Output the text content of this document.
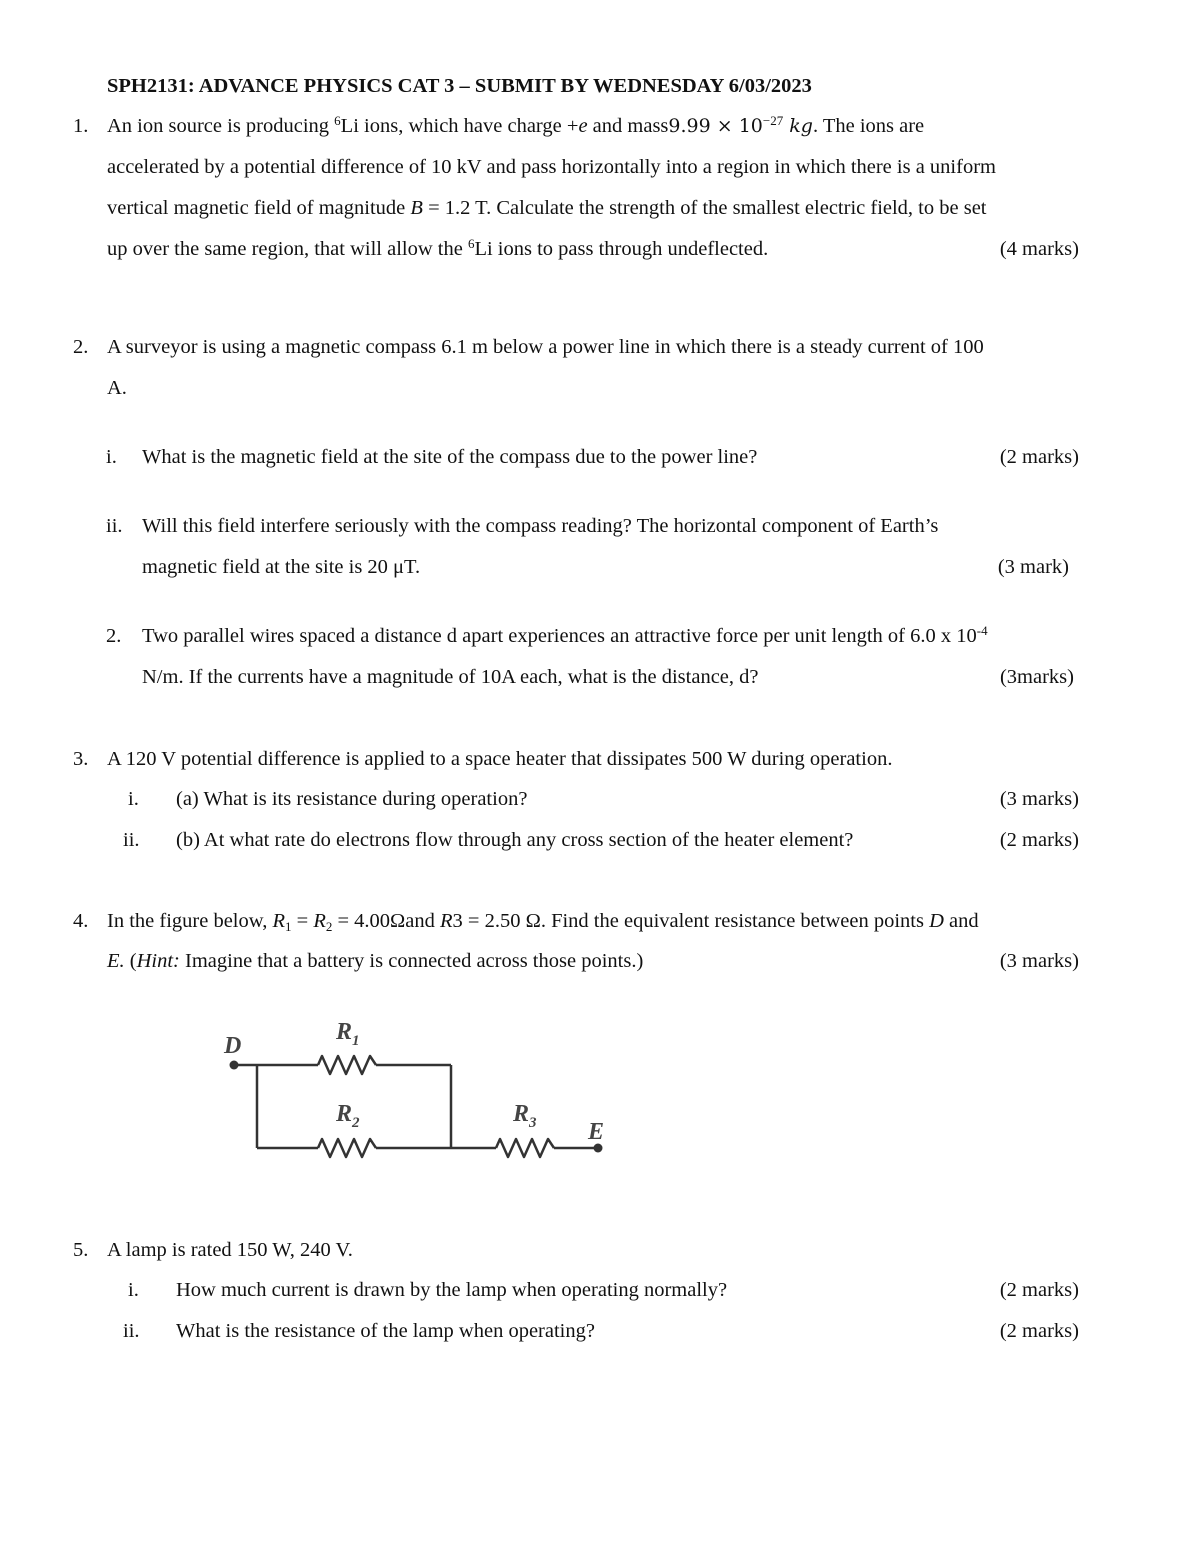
SPH2131: ADVANCE PHYSICS CAT 3 – SUBMIT BY WEDNESDAY 6/03/2023
1. An ion source is producing $^6$Li ions, which have charge +e and mass9.99 × $10^{-27}$ kg. The ions are
accelerated by a potential difference of 10 kV and pass horizontally into a region in which there is a uniform
vertical magnetic field of magnitude B = 1.2 T. Calculate the strength of the smallest electric field, to be set
up over the same region, that will allow the $^6$Li ions to pass through undeflected.	(4 marks)
2. A surveyor is using a magnetic compass 6.1 m below a power line in which there is a steady current of 100
A.
i. What is the magnetic field at the site of the compass due to the power line?	(2 marks)
ii. Will this field interfere seriously with the compass reading? The horizontal component of Earth’s
magnetic field at the site is 20 μT.	(3 mark)
2. Two parallel wires spaced a distance d apart experiences an attractive force per unit length of 6.0 x $10^{-4}$
N/m. If the currents have a magnitude of 10A each, what is the distance, d?	(3marks)
3. A 120 V potential difference is applied to a space heater that dissipates 500 W during operation.
i. (a) What is its resistance during operation?	(3 marks)
ii. (b) At what rate do electrons flow through any cross section of the heater element?	(2 marks)
4. In the figure below, $R_1 = R_2 = 4.00\Omega and$ R3 = 2.50 Ω. Find the equivalent resistance between points D and
E. (Hint: Imagine that a battery is connected across those points.)	(3 marks)
D
E
$R_1$
$R_2$	$R_3$
5. A lamp is rated 150 W, 240 V.
i. How much current is drawn by the lamp when operating normally?	(2 marks)
ii. What is the resistance of the lamp when operating?	(2 marks)
